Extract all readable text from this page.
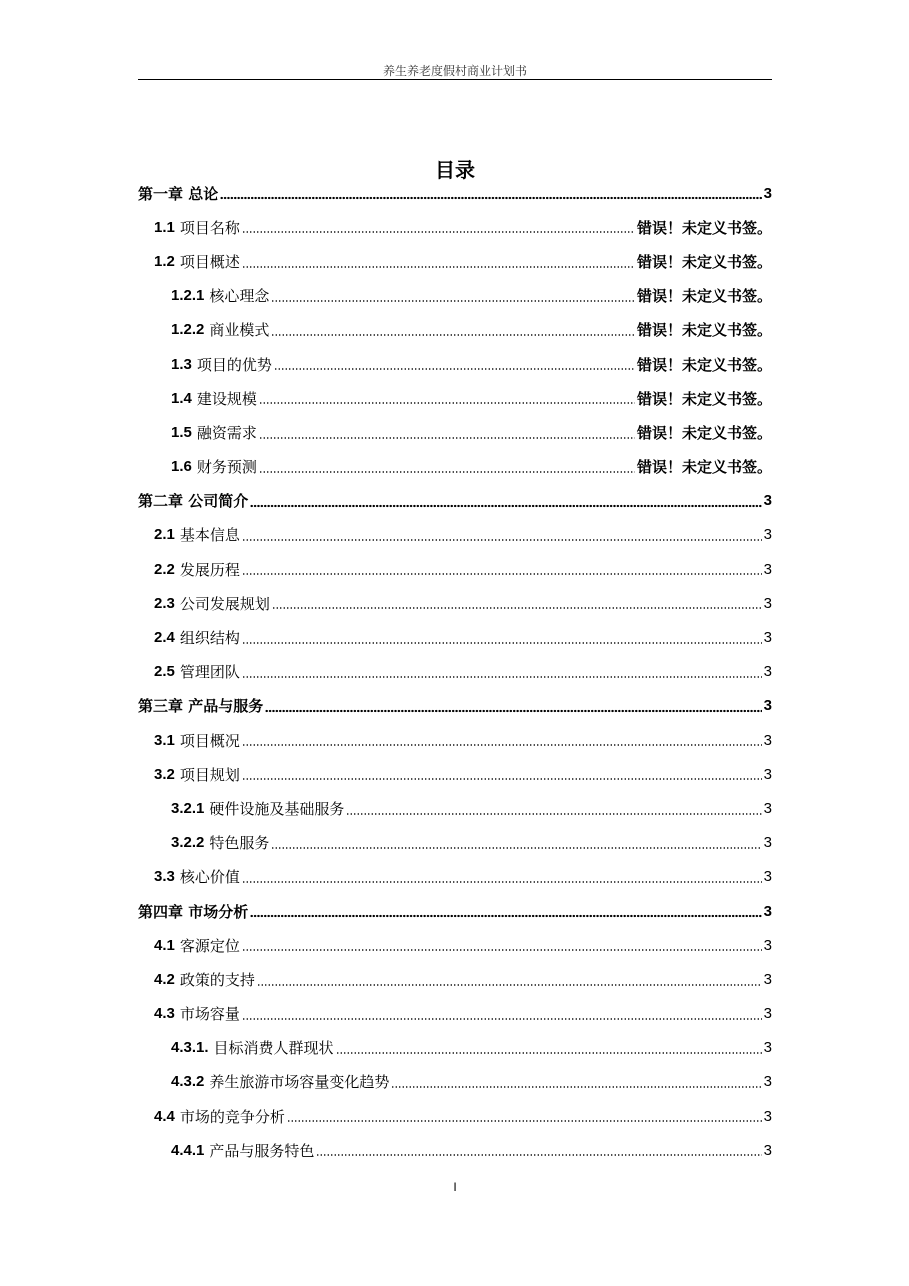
养生养老度假村商业计划书
目录
第一章 总论	3
1.1 项目名称	错误！未定义书签。
1.2 项目概述	错误！未定义书签。
1.2.1 核心理念	错误！未定义书签。
1.2.2 商业模式	错误！未定义书签。
1.3 项目的优势	错误！未定义书签。
1.4 建设规模	错误！未定义书签。
1.5 融资需求	错误！未定义书签。
1.6 财务预测	错误！未定义书签。
第二章 公司简介	3
2.1 基本信息	3
2.2 发展历程	3
2.3 公司发展规划	3
2.4 组织结构	3
2.5 管理团队	3
第三章 产品与服务	3
3.1 项目概况	3
3.2 项目规划	3
3.2.1 硬件设施及基础服务	3
3.2.2 特色服务	3
3.3 核心价值	3
第四章 市场分析	3
4.1 客源定位	3
4.2 政策的支持	3
4.3 市场容量	3
4.3.1. 目标消费人群现状	3
4.3.2 养生旅游市场容量变化趋势	3
4.4 市场的竞争分析	3
4.4.1 产品与服务特色	3
I
